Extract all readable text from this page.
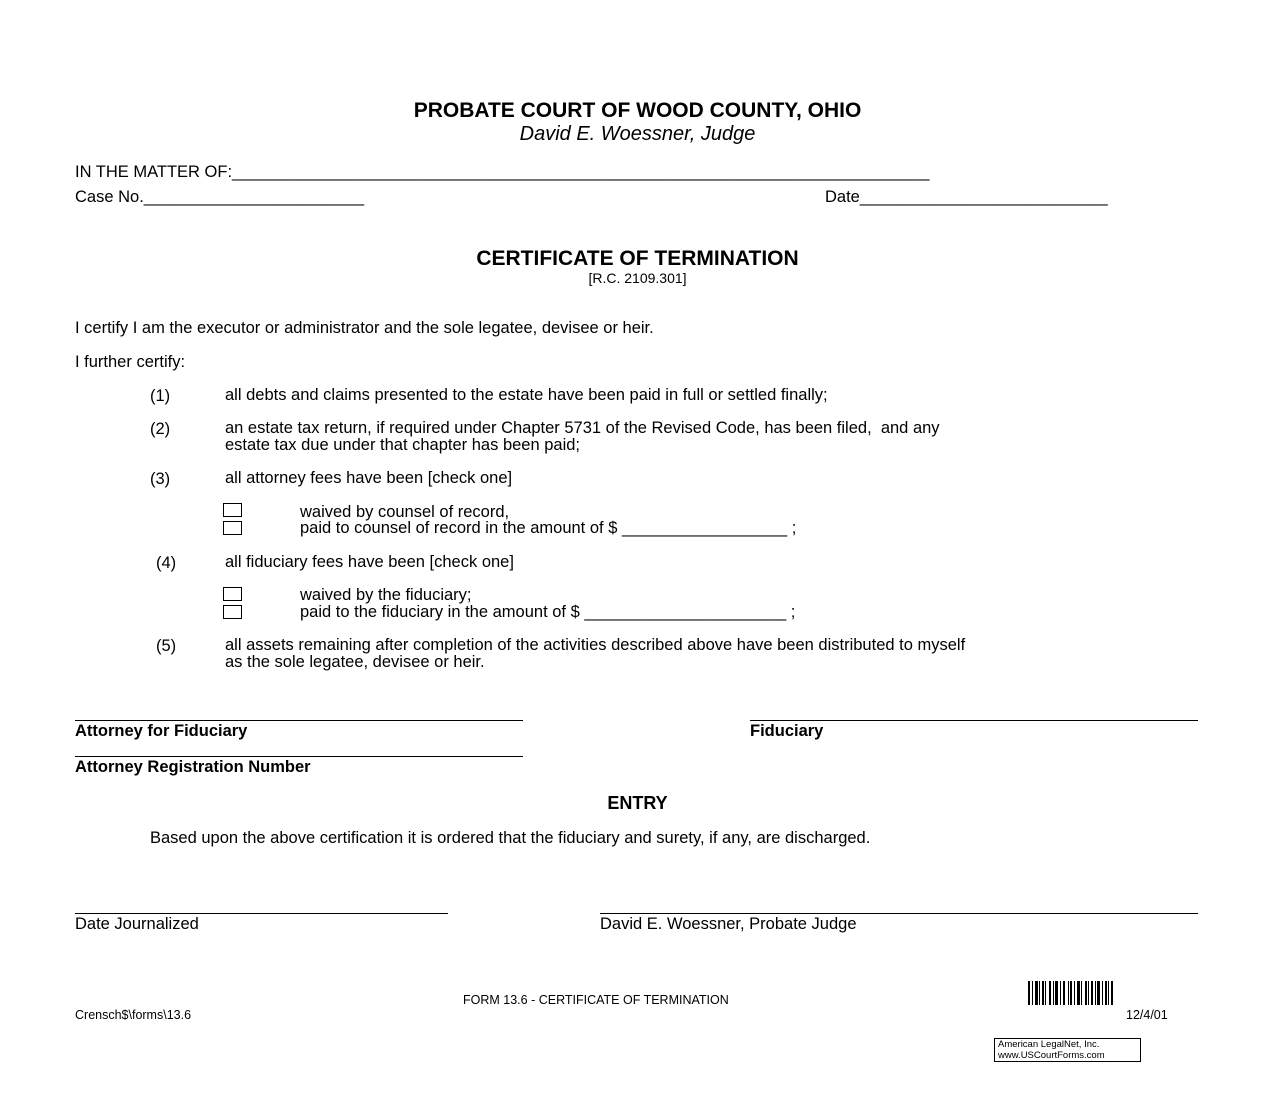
PROBATE COURT OF WOOD COUNTY, OHIO
David E. Woessner, Judge
IN THE MATTER OF:____________________________________________________________________________
Case No.________________________	Date___________________________
CERTIFICATE OF TERMINATION
[R.C. 2109.301]
I certify I am the executor or administrator and the sole legatee, devisee or heir.
I further certify:
(1)	all debts and claims presented to the estate have been paid in full or settled finally;
(2)	an estate tax return, if required under Chapter 5731 of the Revised Code, has been filed,  and any
estate tax due under that chapter has been paid;
(3)	all attorney fees have been [check one]
waived by counsel of record,
paid to counsel of record in the amount of $ __________________ ;
(4)	all fiduciary fees have been [check one]
waived by the fiduciary;
paid to the fiduciary in the amount of $ ______________________ ;
(5)	all assets remaining after completion of the activities described above have been distributed to myself
as the sole legatee, devisee or heir.
Attorney for Fiduciary	Fiduciary
Attorney Registration Number
ENTRY
Based upon the above certification it is ordered that the fiduciary and surety, if any, are discharged.
Date Journalized	David E. Woessner, Probate Judge
FORM 13.6 - CERTIFICATE OF TERMINATION
Crensch$\forms\13.6	12/4/01
American LegalNet, Inc.
www.USCourtForms.com
